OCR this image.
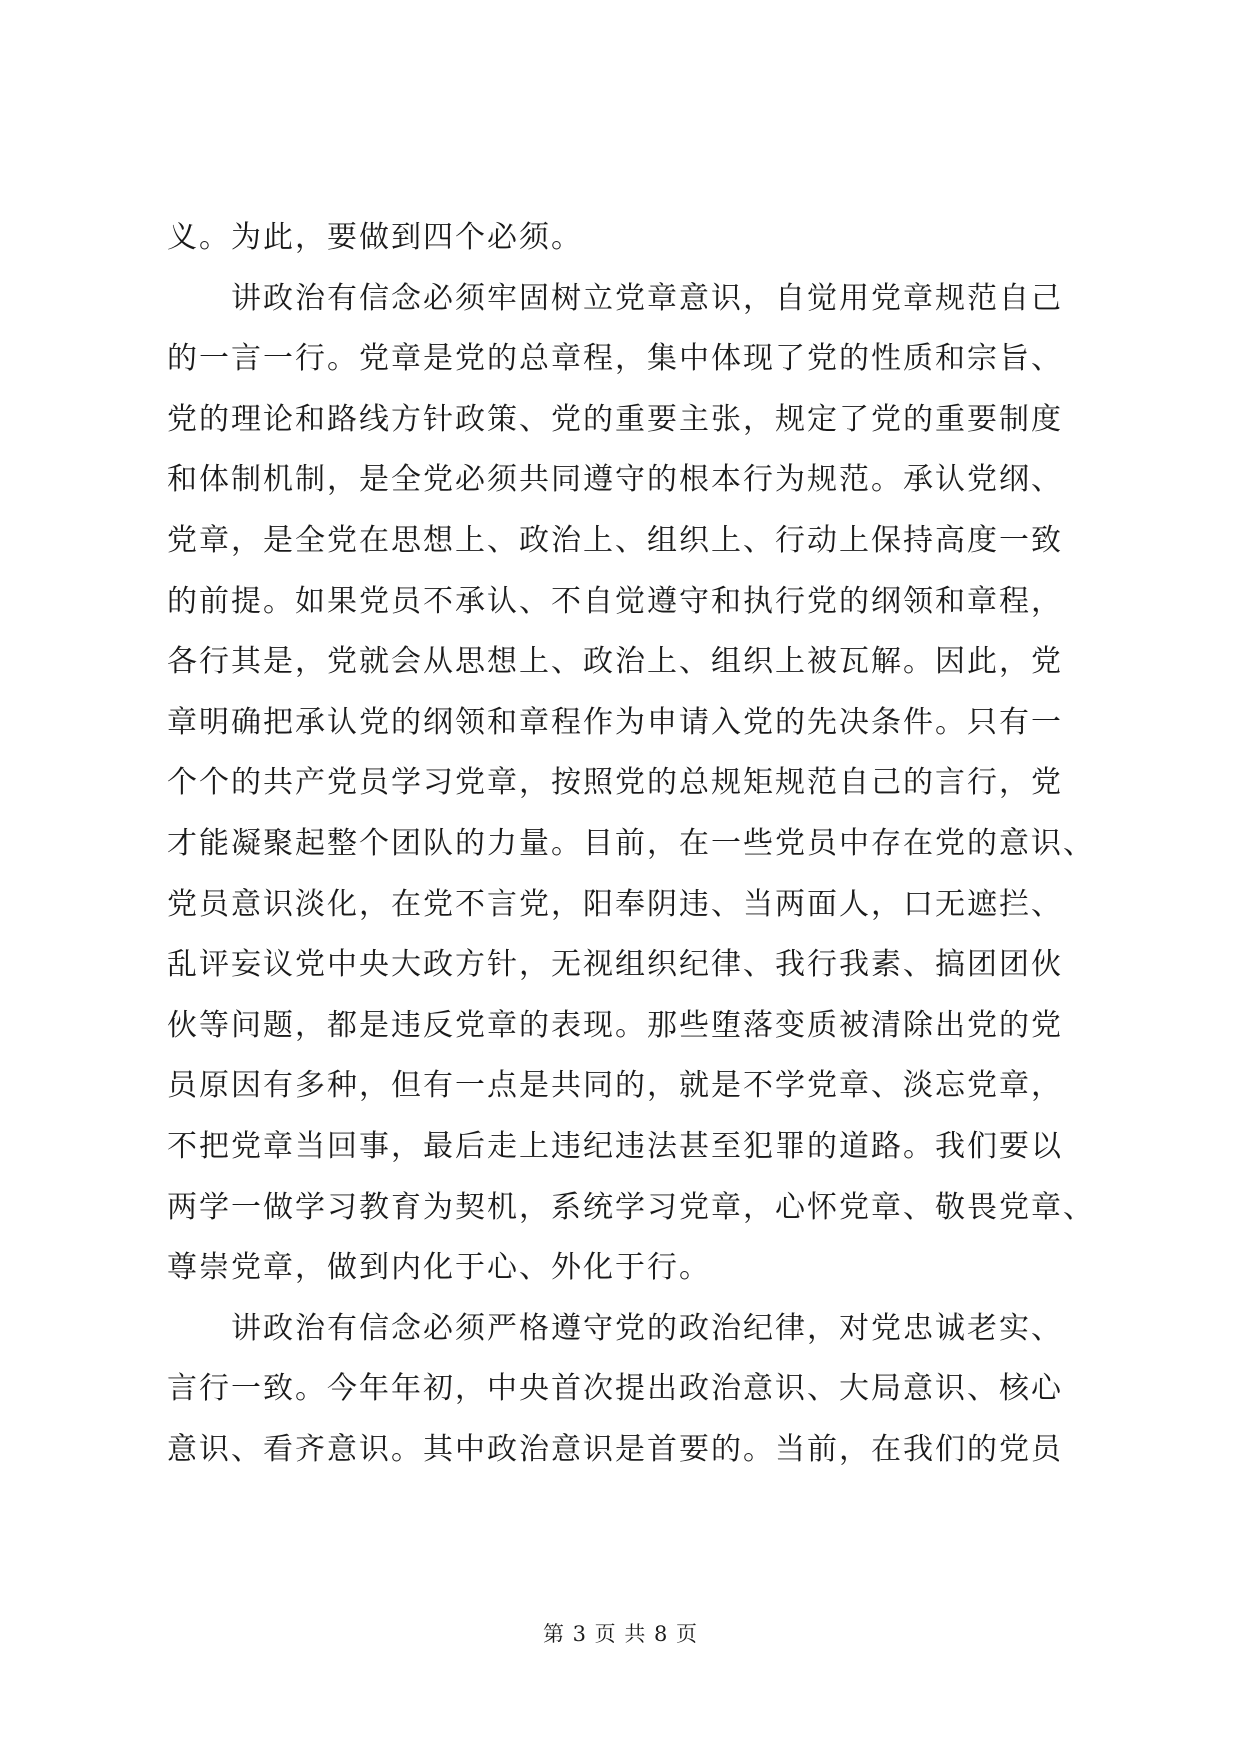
义。为此，要做到四个必须。
讲政治有信念必须牢固树立党章意识，自觉用党章规范自己
的一言一行。党章是党的总章程，集中体现了党的性质和宗旨、
党的理论和路线方针政策、党的重要主张，规定了党的重要制度
和体制机制，是全党必须共同遵守的根本行为规范。承认党纲、
党章，是全党在思想上、政治上、组织上、行动上保持高度一致
的前提。如果党员不承认、不自觉遵守和执行党的纲领和章程，
各行其是，党就会从思想上、政治上、组织上被瓦解。因此，党
章明确把承认党的纲领和章程作为申请入党的先决条件。只有一
个个的共产党员学习党章，按照党的总规矩规范自己的言行，党
才能凝聚起整个团队的力量。目前，在一些党员中存在党的意识、
党员意识淡化，在党不言党，阳奉阴违、当两面人，口无遮拦、
乱评妄议党中央大政方针，无视组织纪律、我行我素、搞团团伙
伙等问题，都是违反党章的表现。那些堕落变质被清除出党的党
员原因有多种，但有一点是共同的，就是不学党章、淡忘党章，
不把党章当回事，最后走上违纪违法甚至犯罪的道路。我们要以
两学一做学习教育为契机，系统学习党章，心怀党章、敬畏党章、
尊崇党章，做到内化于心、外化于行。
讲政治有信念必须严格遵守党的政治纪律，对党忠诚老实、
言行一致。今年年初，中央首次提出政治意识、大局意识、核心
意识、看齐意识。其中政治意识是首要的。当前，在我们的党员
第 3 页 共 8 页
